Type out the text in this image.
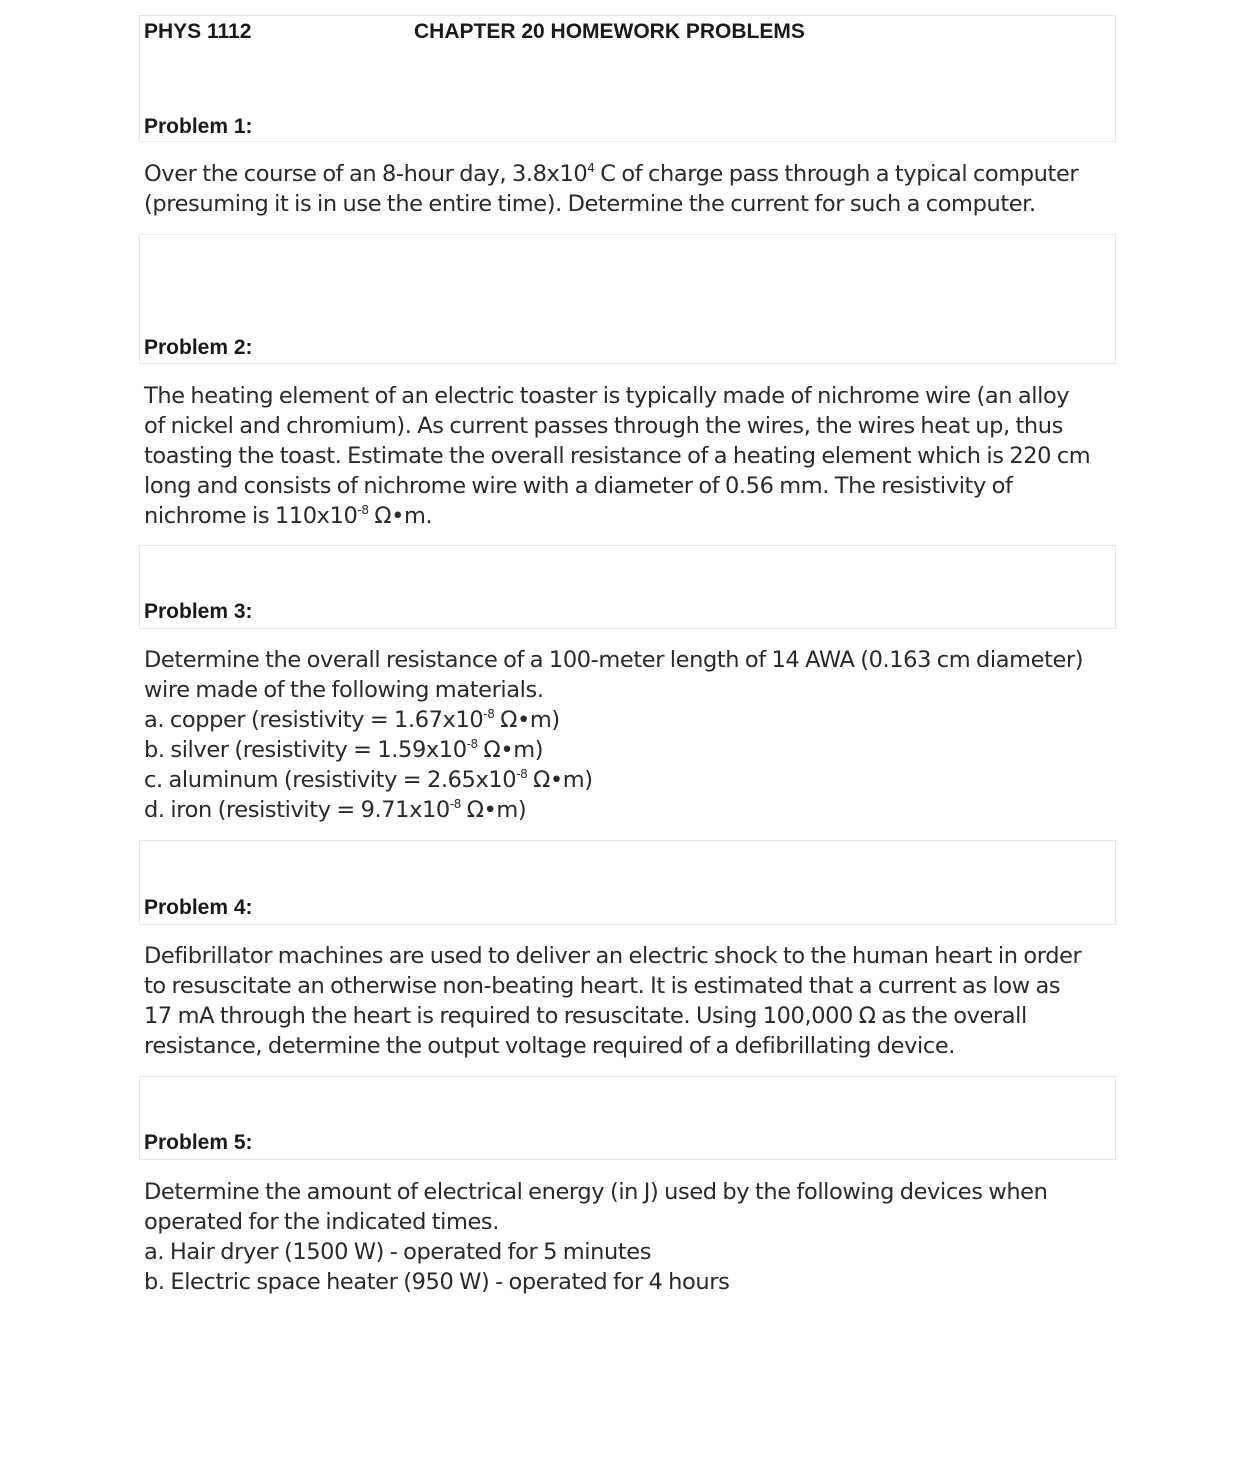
PHYS 1112	CHAPTER 20 HOMEWORK PROBLEMS
Problem 1:
Over the course of an 8-hour day, $3.8x10^4$ C of charge pass through a typical computer
(presuming it is in use the entire time). Determine the current for such a computer.
Problem 2:
The heating element of an electric toaster is typically made of nichrome wire (an alloy
of nickel and chromium). As current passes through the wires, the wires heat up, thus
toasting the toast. Estimate the overall resistance of a heating element which is 220 cm
long and consists of nichrome wire with a diameter of 0.56 mm. The resistivity of
nichrome is $110x10^{-8}$ Ω•m.
Problem 3:
Determine the overall resistance of a 100-meter length of 14 AWA (0.163 cm diameter)
wire made of the following materials.
a. copper (resistivity = $1.67x10^{-8}$ Ω•m)
b. silver (resistivity = $1.59x10^{-8}$ Ω•m)
c. aluminum (resistivity = $2.65x10^{-8}$ Ω•m)
d. iron (resistivity = $9.71x10^{-8}$ Ω•m)
Problem 4:
Defibrillator machines are used to deliver an electric shock to the human heart in order
to resuscitate an otherwise non-beating heart. It is estimated that a current as low as
17 mA through the heart is required to resuscitate. Using 100,000 Ω as the overall
resistance, determine the output voltage required of a defibrillating device.
Problem 5:
Determine the amount of electrical energy (in J) used by the following devices when
operated for the indicated times.
a. Hair dryer (1500 W) - operated for 5 minutes
b. Electric space heater (950 W) - operated for 4 hours
